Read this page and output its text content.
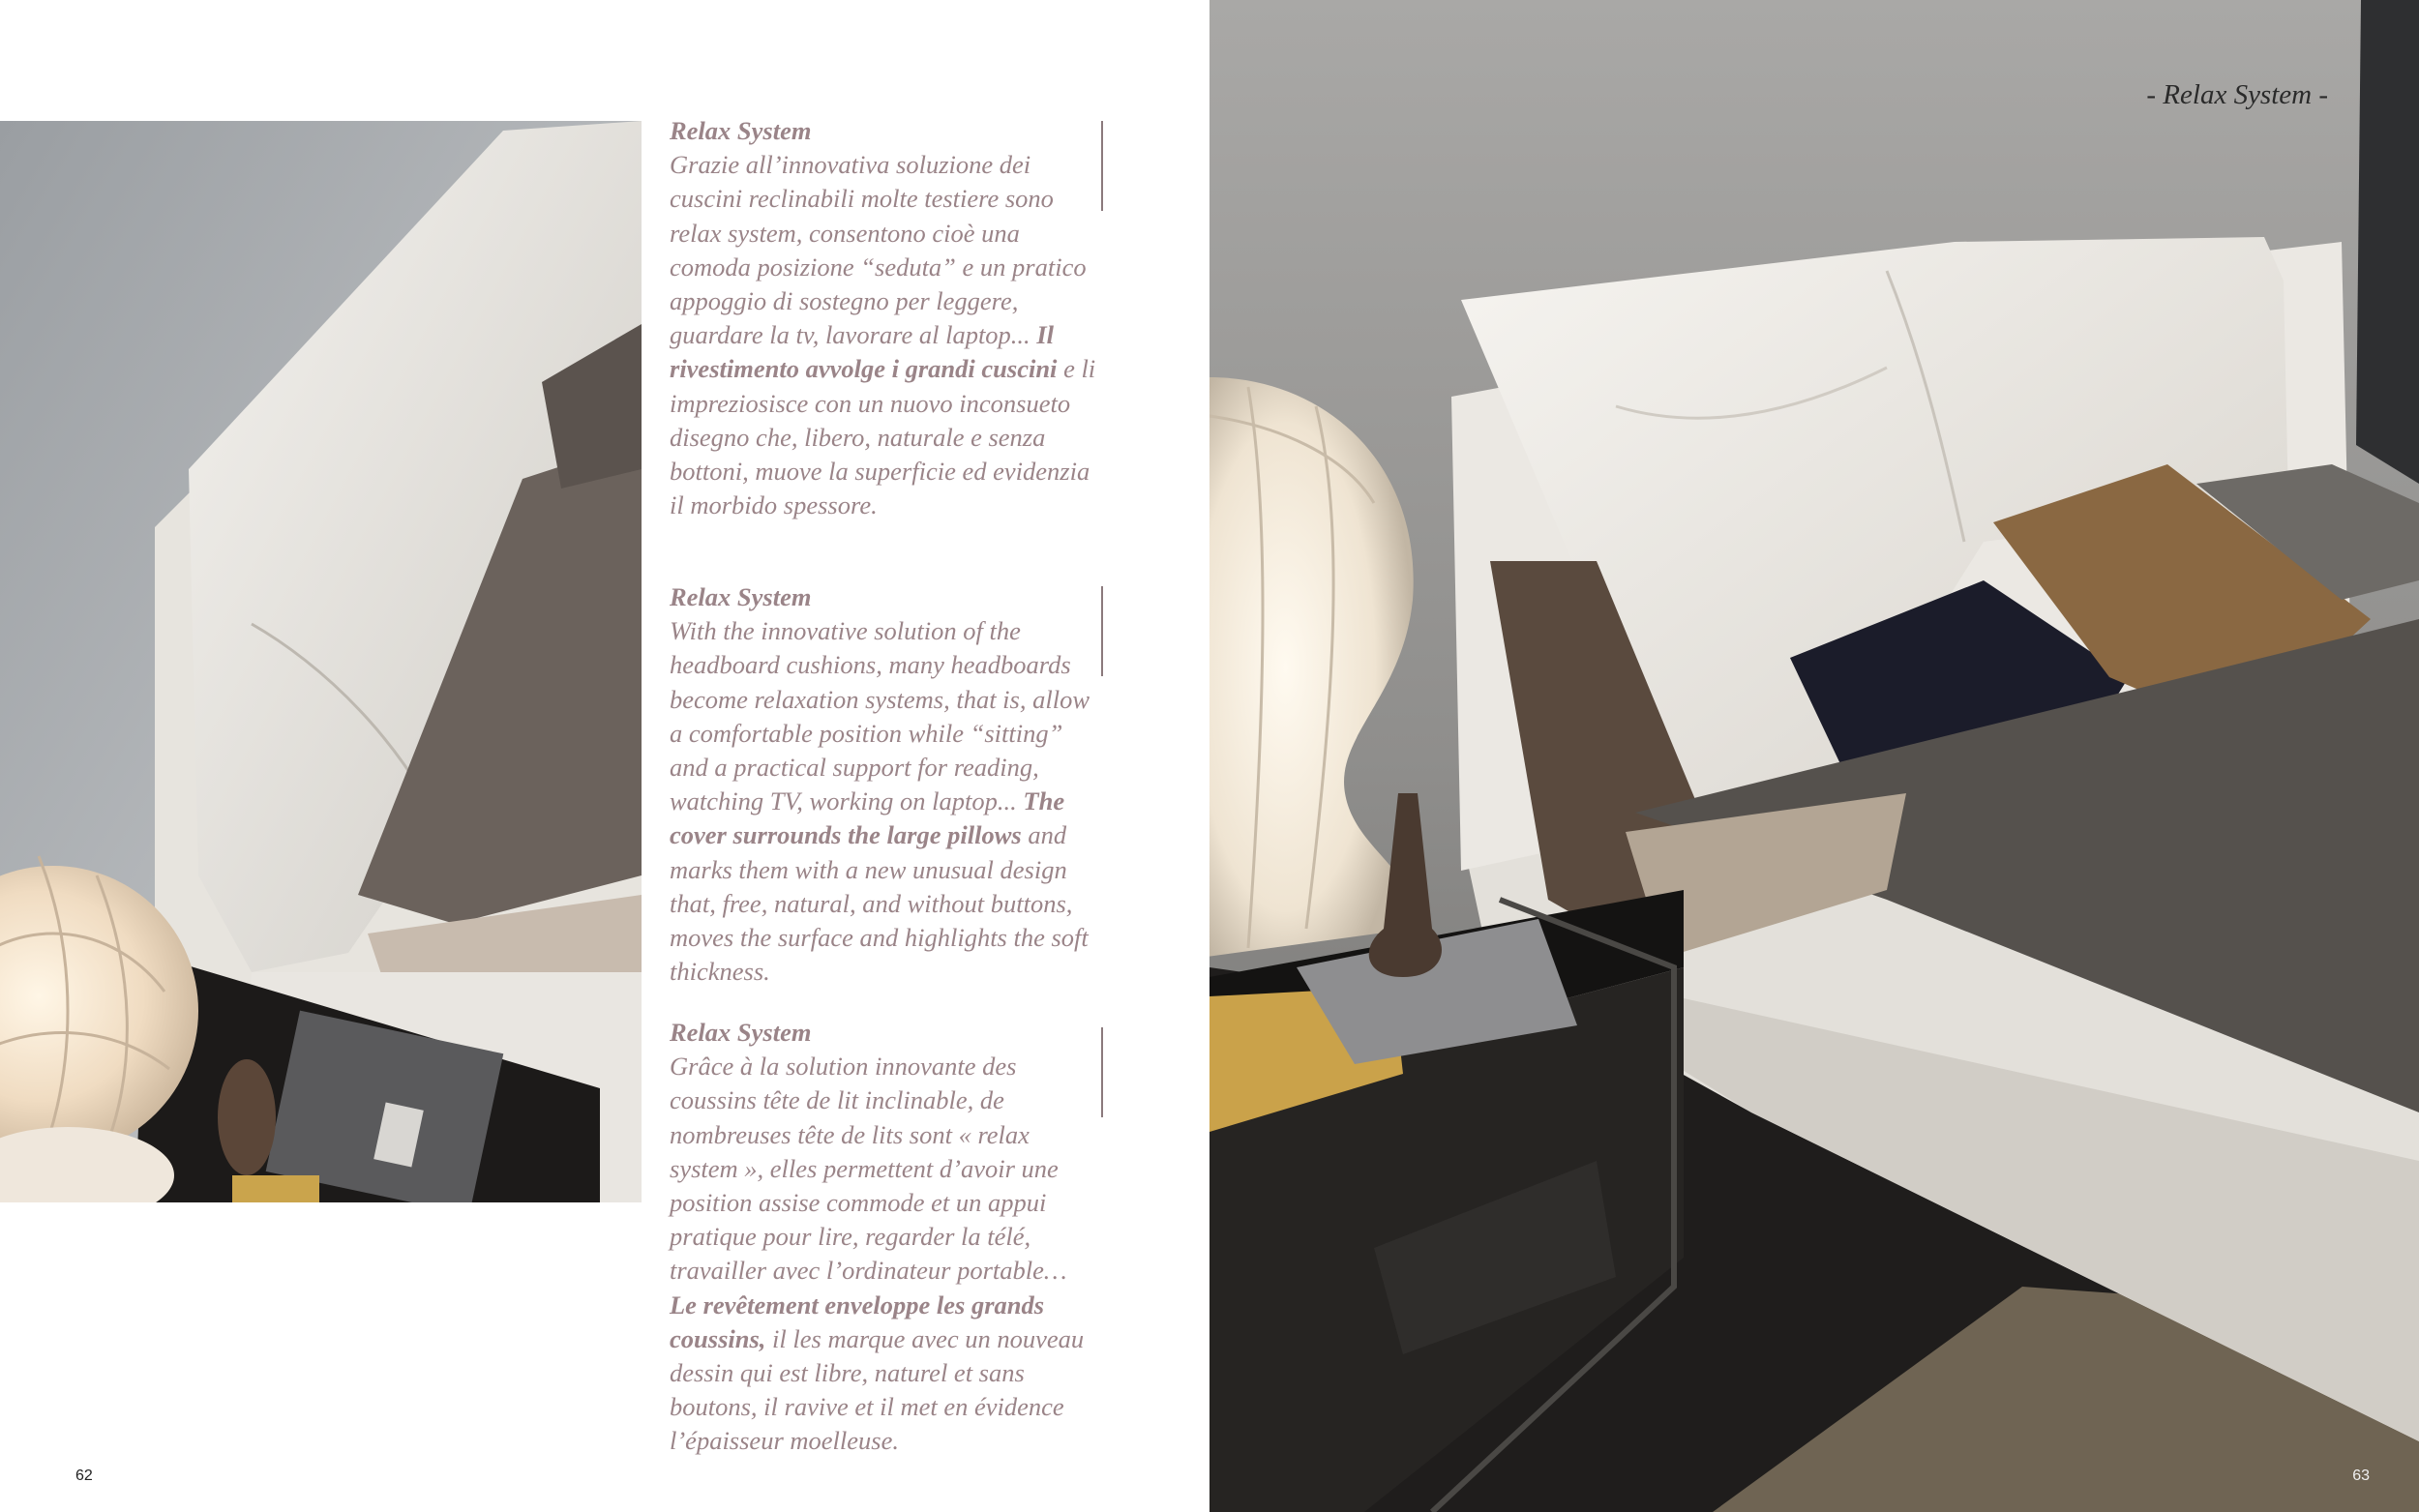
Relax System
Grazie all’innovativa soluzione dei cuscini reclinabili molte testiere sono relax system, consentono cioè una comoda posizione “seduta” e un pratico appoggio di sostegno per leggere, guardare la tv, lavorare al laptop... Il rivestimento avvolge i grandi cuscini e li impreziosisce con un nuovo inconsueto disegno che, libero, naturale e senza bottoni, muove la superficie ed evidenzia il morbido spessore.
Relax System
With the innovative solution of the headboard cushions, many headboards become relaxation systems, that is, allow a comfortable position while “sitting” and a practical support for reading, watching TV, working on laptop... The cover surrounds the large pillows and marks them with a new unusual design that, free, natural, and without buttons, moves the surface and highlights the soft thickness.
Relax System
Grâce à la solution innovante des coussins tête de lit inclinable, de nombreuses tête de lits sont « relax system », elles permettent d’avoir une position assise commode et un appui pratique pour lire, regarder la télé, travailler avec l’ordinateur portable… Le revêtement enveloppe les grands coussins, il les marque avec un nouveau dessin qui est libre, naturel et sans boutons, il ravive et il met en évidence l’épaisseur moelleuse.
62
- Relax System -
63
